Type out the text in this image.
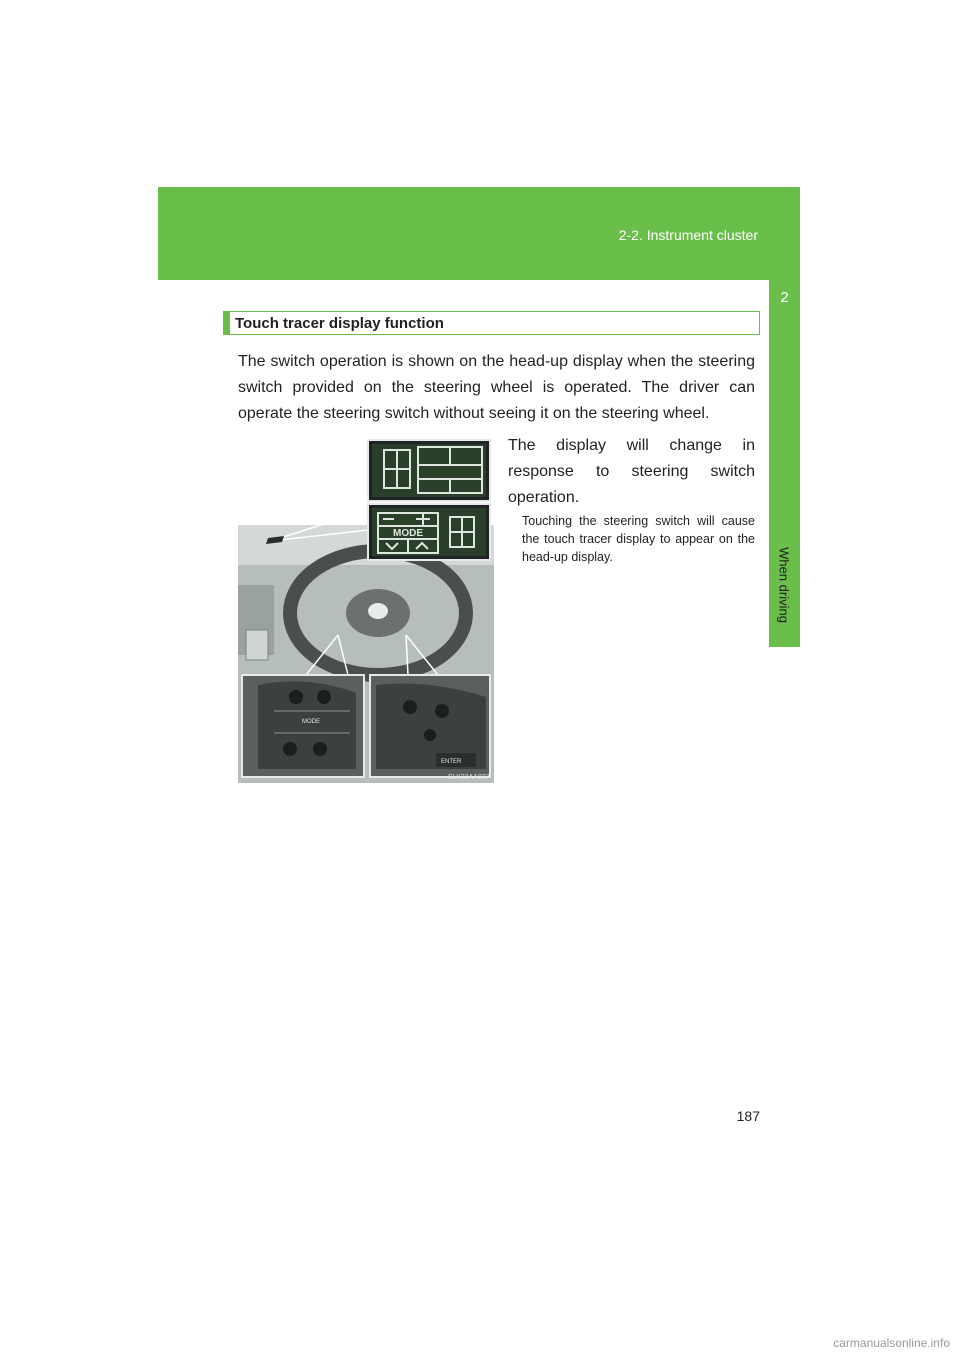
2-2. Instrument cluster
2
When driving
Touch tracer display function
The switch operation is shown on the head-up display when the steering switch provided on the steering wheel is operated. The driver can operate the steering switch without seeing it on the steering wheel.
MODE
MODE
ENTER
SLY22AA027
The display will change in response to steering switch operation.
Touching the steering switch will cause the touch tracer display to appear on the head-up display.
187
carmanualsonline.info
